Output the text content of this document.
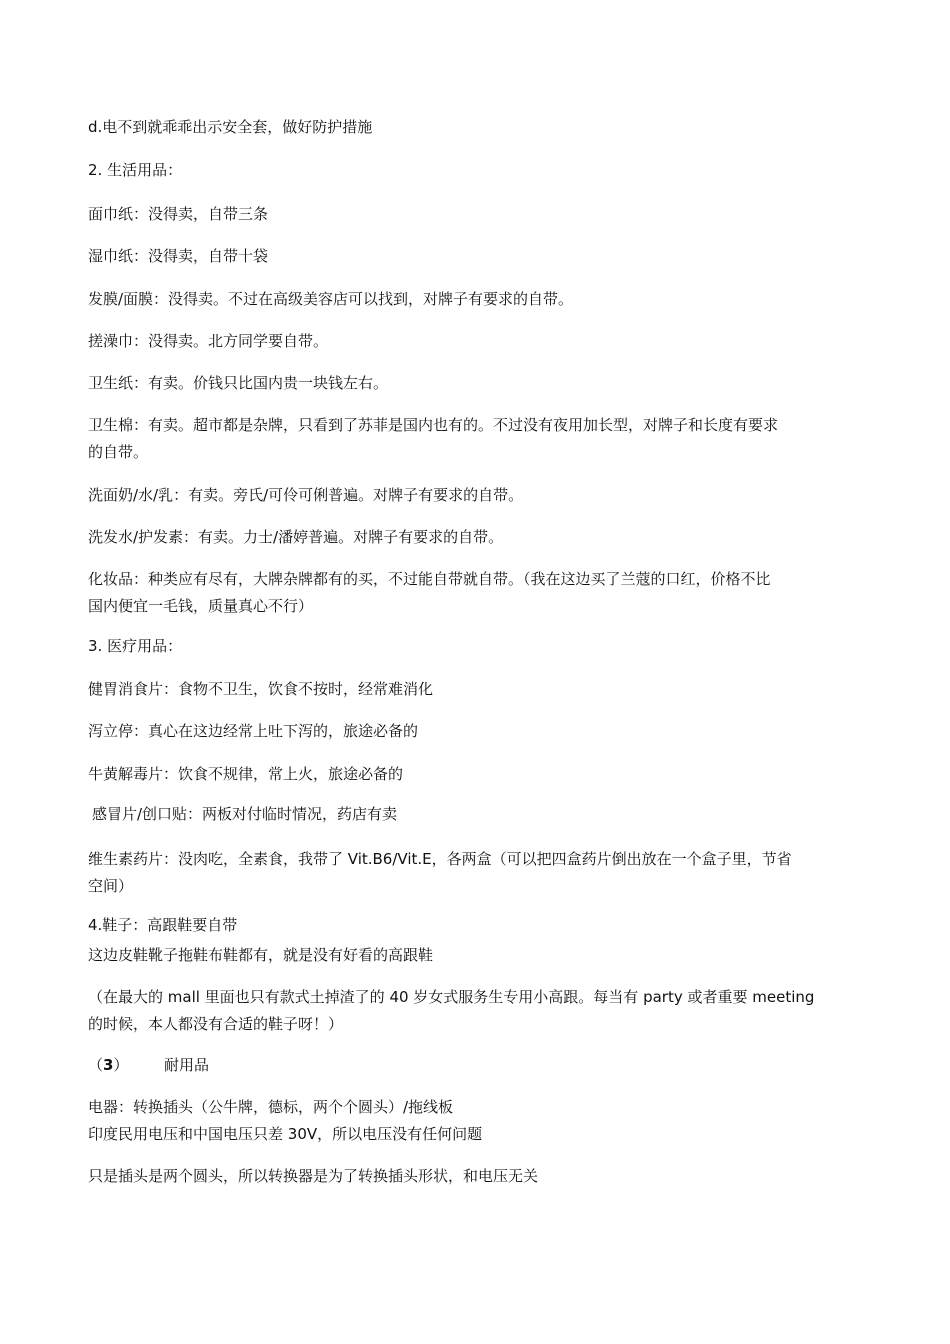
d.电不到就乖乖出示安全套，做好防护措施
2. 生活用品：
面巾纸：没得卖，自带三条
湿巾纸：没得卖，自带十袋
发膜/面膜：没得卖。不过在高级美容店可以找到，对牌子有要求的自带。
搓澡巾：没得卖。北方同学要自带。
卫生纸：有卖。价钱只比国内贵一块钱左右。
卫生棉：有卖。超市都是杂牌，只看到了苏菲是国内也有的。不过没有夜用加长型，对牌子和长度有要求
的自带。
洗面奶/水/乳：有卖。旁氏/可伶可俐普遍。对牌子有要求的自带。
洗发水/护发素：有卖。力士/潘婷普遍。对牌子有要求的自带。
化妆品：种类应有尽有，大牌杂牌都有的买，不过能自带就自带。（我在这边买了兰蔻的口红，价格不比
国内便宜一毛钱，质量真心不行）
3. 医疗用品：
健胃消食片：食物不卫生，饮食不按时，经常难消化
泻立停：真心在这边经常上吐下泻的，旅途必备的
牛黄解毒片：饮食不规律，常上火，旅途必备的
感冒片/创口贴：两板对付临时情况，药店有卖
维生素药片：没肉吃，全素食，我带了 Vit.B6/Vit.E，各两盒（可以把四盒药片倒出放在一个盒子里，节省
空间）
4.鞋子：高跟鞋要自带
这边皮鞋靴子拖鞋布鞋都有，就是没有好看的高跟鞋
（在最大的 mall 里面也只有款式土掉渣了的 40 岁女式服务生专用小高跟。每当有 party 或者重要 meeting
的时候，本人都没有合适的鞋子呀！）
（3） 耐用品
电器：转换插头（公牛牌，德标，两个个圆头）/拖线板
印度民用电压和中国电压只差 30V，所以电压没有任何问题
只是插头是两个圆头，所以转换器是为了转换插头形状，和电压无关
